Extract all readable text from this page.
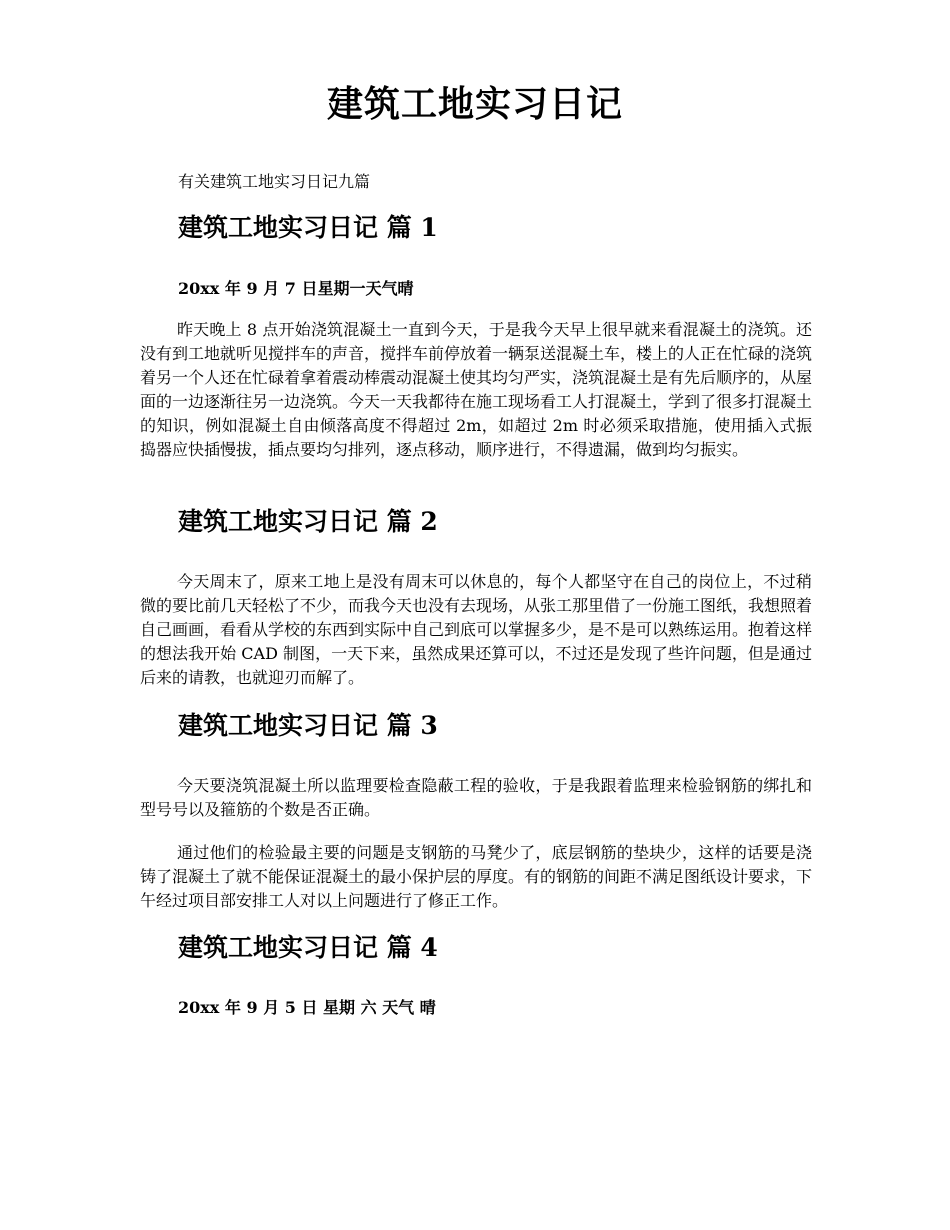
建筑工地实习日记

有关建筑工地实习日记九篇

建筑工地实习日记 篇 1

20xx 年 9 月 7 日星期一天气晴

昨天晚上 8 点开始浇筑混凝土一直到今天，于是我今天早上很早就来看混凝土的浇筑。还没有到工地就听见搅拌车的声音，搅拌车前停放着一辆泵送混凝土车，楼上的人正在忙碌的浇筑着另一个人还在忙碌着拿着震动棒震动混凝土使其均匀严实，浇筑混凝土是有先后顺序的，从屋面的一边逐渐往另一边浇筑。今天一天我都待在施工现场看工人打混凝土，学到了很多打混凝土的知识，例如混凝土自由倾落高度不得超过 2m，如超过 2m 时必须采取措施，使用插入式振捣器应快插慢拔，插点要均匀排列，逐点移动，顺序进行，不得遗漏，做到均匀振实。

建筑工地实习日记 篇 2

今天周末了，原来工地上是没有周末可以休息的，每个人都坚守在自己的岗位上，不过稍微的要比前几天轻松了不少，而我今天也没有去现场，从张工那里借了一份施工图纸，我想照着自己画画，看看从学校的东西到实际中自己到底可以掌握多少，是不是可以熟练运用。抱着这样的想法我开始 CAD 制图，一天下来，虽然成果还算可以，不过还是发现了些许问题，但是通过后来的请教，也就迎刃而解了。

建筑工地实习日记 篇 3

今天要浇筑混凝土所以监理要检查隐蔽工程的验收，于是我跟着监理来检验钢筋的绑扎和型号号以及箍筋的个数是否正确。

通过他们的检验最主要的问题是支钢筋的马凳少了，底层钢筋的垫块少，这样的话要是浇铸了混凝土了就不能保证混凝土的最小保护层的厚度。有的钢筋的间距不满足图纸设计要求，下午经过项目部安排工人对以上问题进行了修正工作。

建筑工地实习日记 篇 4

20xx 年 9 月 5 日 星期 六 天气 晴
